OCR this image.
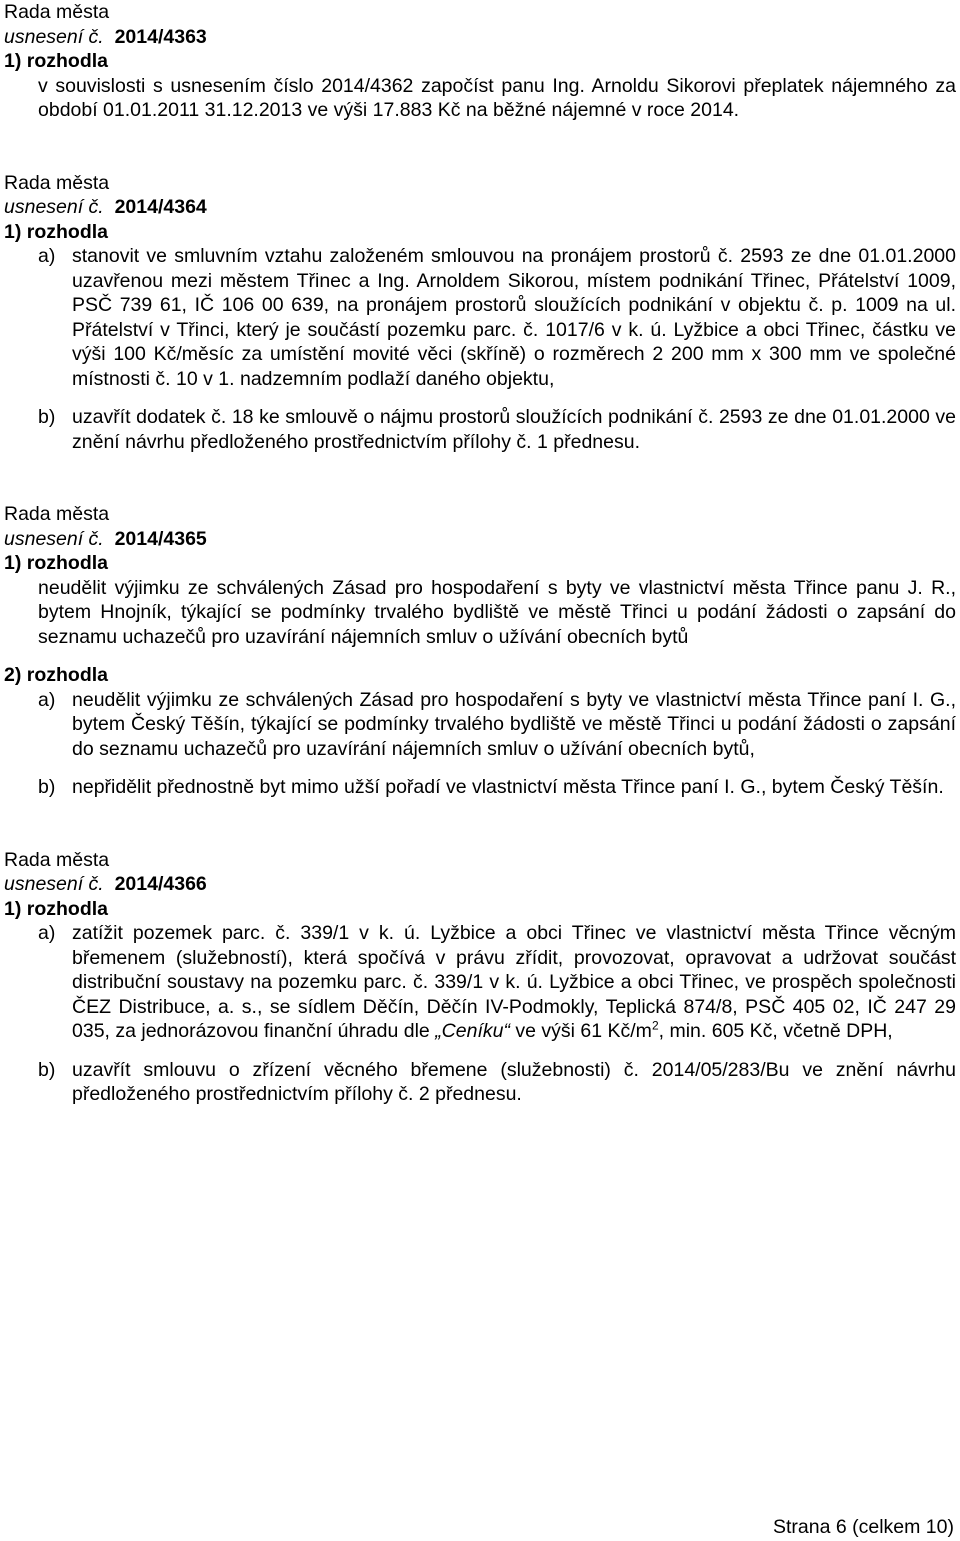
Rada města
usnesení č. 2014/4363
1) rozhodla

v souvislosti s usnesením číslo 2014/4362 započíst panu Ing. Arnoldu Sikorovi přeplatek nájemného za období 01.01.2011 31.12.2013 ve výši 17.883 Kč na běžné nájemné v roce 2014.

Rada města
usnesení č. 2014/4364
1) rozhodla
a) stanovit ve smluvním vztahu založeném smlouvou na pronájem prostorů č. 2593 ze dne 01.01.2000 uzavřenou mezi městem Třinec a Ing. Arnoldem Sikorou, místem podnikání Třinec, Přátelství 1009, PSČ 739 61, IČ 106 00 639, na pronájem prostorů sloužících podnikání v objektu č. p. 1009 na ul. Přátelství v Třinci, který je součástí pozemku parc. č. 1017/6 v k. ú. Lyžbice a obci Třinec, částku ve výši 100 Kč/měsíc za umístění movité věci (skříně) o rozměrech 2 200 mm x 300 mm ve společné místnosti č. 10 v 1. nadzemním podlaží daného objektu,
b) uzavřít dodatek č. 18 ke smlouvě o nájmu prostorů sloužících podnikání č. 2593 ze dne 01.01.2000 ve znění návrhu předloženého prostřednictvím přílohy č. 1 přednesu.
Rada města
usnesení č. 2014/4365
1) rozhodla

neudělit výjimku ze schválených Zásad pro hospodaření s byty ve vlastnictví města Třince panu J. R., bytem Hnojník, týkající se podmínky trvalého bydliště ve městě Třinci u podání žádosti o zapsání do seznamu uchazečů pro uzavírání nájemních smluv o užívání obecních bytů

2) rozhodla
a) neudělit výjimku ze schválených Zásad pro hospodaření s byty ve vlastnictví města Třince paní I. G., bytem Český Těšín, týkající se podmínky trvalého bydliště ve městě Třinci u podání žádosti o zapsání do seznamu uchazečů pro uzavírání nájemních smluv o užívání obecních bytů,
b) nepřidělit přednostně byt mimo užší pořadí ve vlastnictví města Třince paní I. G., bytem Český Těšín.
Rada města
usnesení č. 2014/4366
1) rozhodla
a) zatížit pozemek parc. č. 339/1 v k. ú. Lyžbice a obci Třinec ve vlastnictví města Třince věcným břemenem (služebností), která spočívá v právu zřídit, provozovat, opravovat a udržovat součást distribuční soustavy na pozemku parc. č. 339/1 v k. ú. Lyžbice a obci Třinec, ve prospěch společnosti ČEZ Distribuce, a. s., se sídlem Děčín, Děčín IV-Podmokly, Teplická 874/8, PSČ 405 02, IČ 247 29 035, za jednorázovou finanční úhradu dle „Ceníku“ ve výši 61 $Kč/m^2$, min. 605 Kč, včetně DPH,
b) uzavřít smlouvu o zřízení věcného břemene (služebnosti) č. 2014/05/283/Bu ve znění návrhu předloženého prostřednictvím přílohy č. 2 přednesu.
Strana 6 (celkem 10)
